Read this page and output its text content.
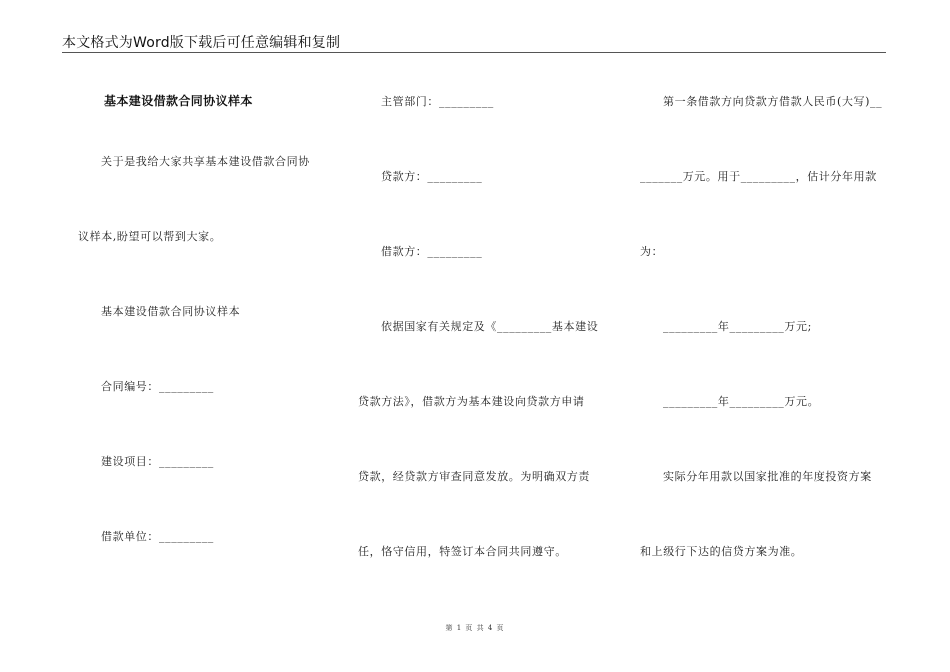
本文格式为Word版下载后可任意编辑和复制
基本建设借款合同协议样本
关于是我给大家共享基本建设借款合同协
议样本,盼望可以帮到大家。
基本建设借款合同协议样本
合同编号：_________
建设项目：_________
借款单位：_________
主管部门：_________
贷款方：_________
借款方：_________
依据国家有关规定及《_________基本建设
贷款方法》，借款方为基本建设向贷款方申请
贷款，经贷款方审查同意发放。为明确双方责
任，恪守信用，特签订本合同共同遵守。
第一条借款方向贷款方借款人民币(大写)__
_______万元。用于_________，估计分年用款
为：
_________年_________万元;
_________年_________万元。
实际分年用款以国家批准的年度投资方案
和上级行下达的信贷方案为准。
第 1 页 共 4 页
